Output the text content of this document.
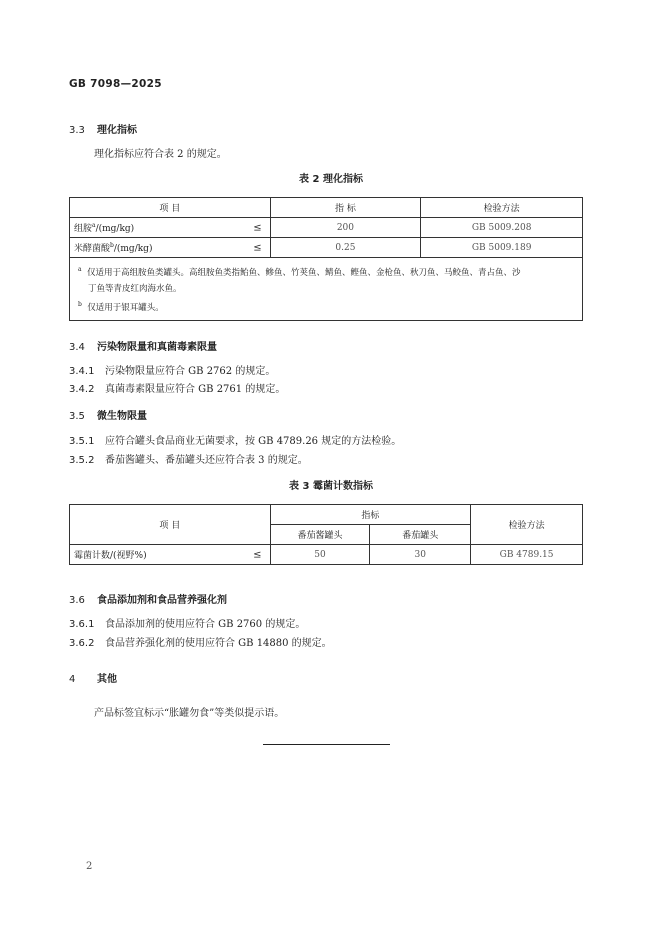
GB 7098—2025
3.3 理化指标
理化指标应符合表 2 的规定。
表 2 理化指标
项 目	指 标	检验方法
组胺$^a$/(mg/kg) ≤	200	GB 5009.208
米酵菌酸$^b$/(mg/kg) ≤	0.25	GB 5009.189

$^a$ 仅适用于高组胺鱼类罐头。高组胺鱼类指鲐鱼、鲹鱼、竹荚鱼、鲭鱼、鲣鱼、金枪鱼、秋刀鱼、马鲛鱼、青占鱼、沙
丁鱼等青皮红肉海水鱼。
$^b$ 仅适用于银耳罐头。		
3.4 污染物限量和真菌毒素限量
3.4.1 污染物限量应符合 GB 2762 的规定。
3.4.2 真菌毒素限量应符合 GB 2761 的规定。
3.5 微生物限量
3.5.1 应符合罐头食品商业无菌要求，按 GB 4789.26 规定的方法检验。
3.5.2 番茄酱罐头、番茄罐头还应符合表 3 的规定。
表 3 霉菌计数指标
项 目	指标		检验方法
	番茄酱罐头	番茄罐头	
霉菌计数/(视野%) ≤	50	30	GB 4789.15
3.6 食品添加剂和食品营养强化剂
3.6.1 食品添加剂的使用应符合 GB 2760 的规定。
3.6.2 食品营养强化剂的使用应符合 GB 14880 的规定。
4 其他
产品标签宜标示“胀罐勿食”等类似提示语。
2
